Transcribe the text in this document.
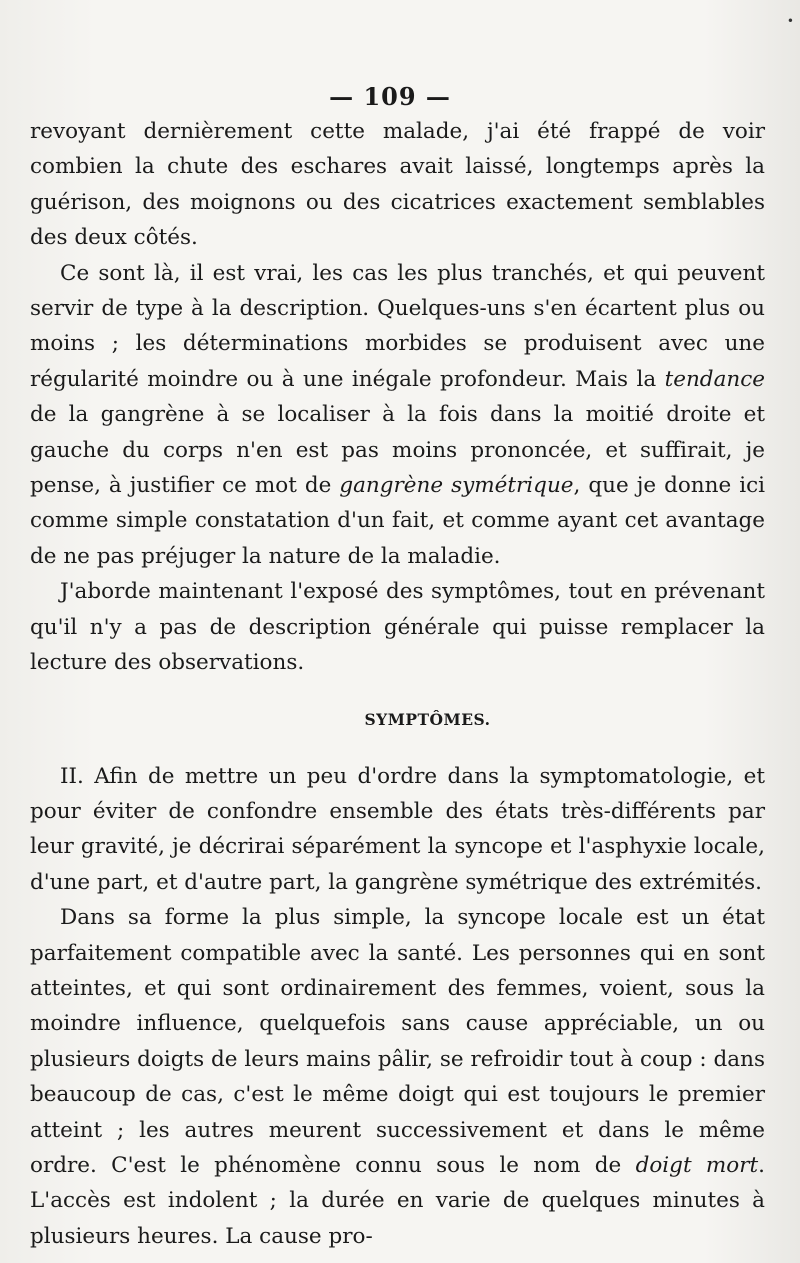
•
— 109 —

revoyant dernièrement cette malade, j'ai été frappé de voir combien la chute des eschares avait laissé, longtemps après la guérison, des moignons ou des cicatrices exactement semblables des deux côtés.

Ce sont là, il est vrai, les cas les plus tranchés, et qui peuvent servir de type à la description. Quelques-uns s'en écartent plus ou moins ; les déterminations morbides se produisent avec une régularité moindre ou à une inégale profondeur. Mais la tendance de la gangrène à se localiser à la fois dans la moitié droite et gauche du corps n'en est pas moins prononcée, et suffirait, je pense, à justifier ce mot de gangrène symétrique, que je donne ici comme simple constatation d'un fait, et comme ayant cet avantage de ne pas préjuger la nature de la maladie.

J'aborde maintenant l'exposé des symptômes, tout en prévenant qu'il n'y a pas de description générale qui puisse remplacer la lecture des observations.

SYMPTÔMES.

II. Afin de mettre un peu d'ordre dans la symptomatologie, et pour éviter de confondre ensemble des états très-différents par leur gravité, je décrirai séparément la syncope et l'asphyxie locale, d'une part, et d'autre part, la gangrène symétrique des extrémités.

Dans sa forme la plus simple, la syncope locale est un état parfaitement compatible avec la santé. Les personnes qui en sont atteintes, et qui sont ordinairement des femmes, voient, sous la moindre influence, quelquefois sans cause appréciable, un ou plusieurs doigts de leurs mains pâlir, se refroidir tout à coup : dans beaucoup de cas, c'est le même doigt qui est toujours le premier atteint ; les autres meurent successivement et dans le même ordre. C'est le phénomène connu sous le nom de doigt mort. L'accès est indolent ; la durée en varie de quelques minutes à plusieurs heures. La cause pro-
